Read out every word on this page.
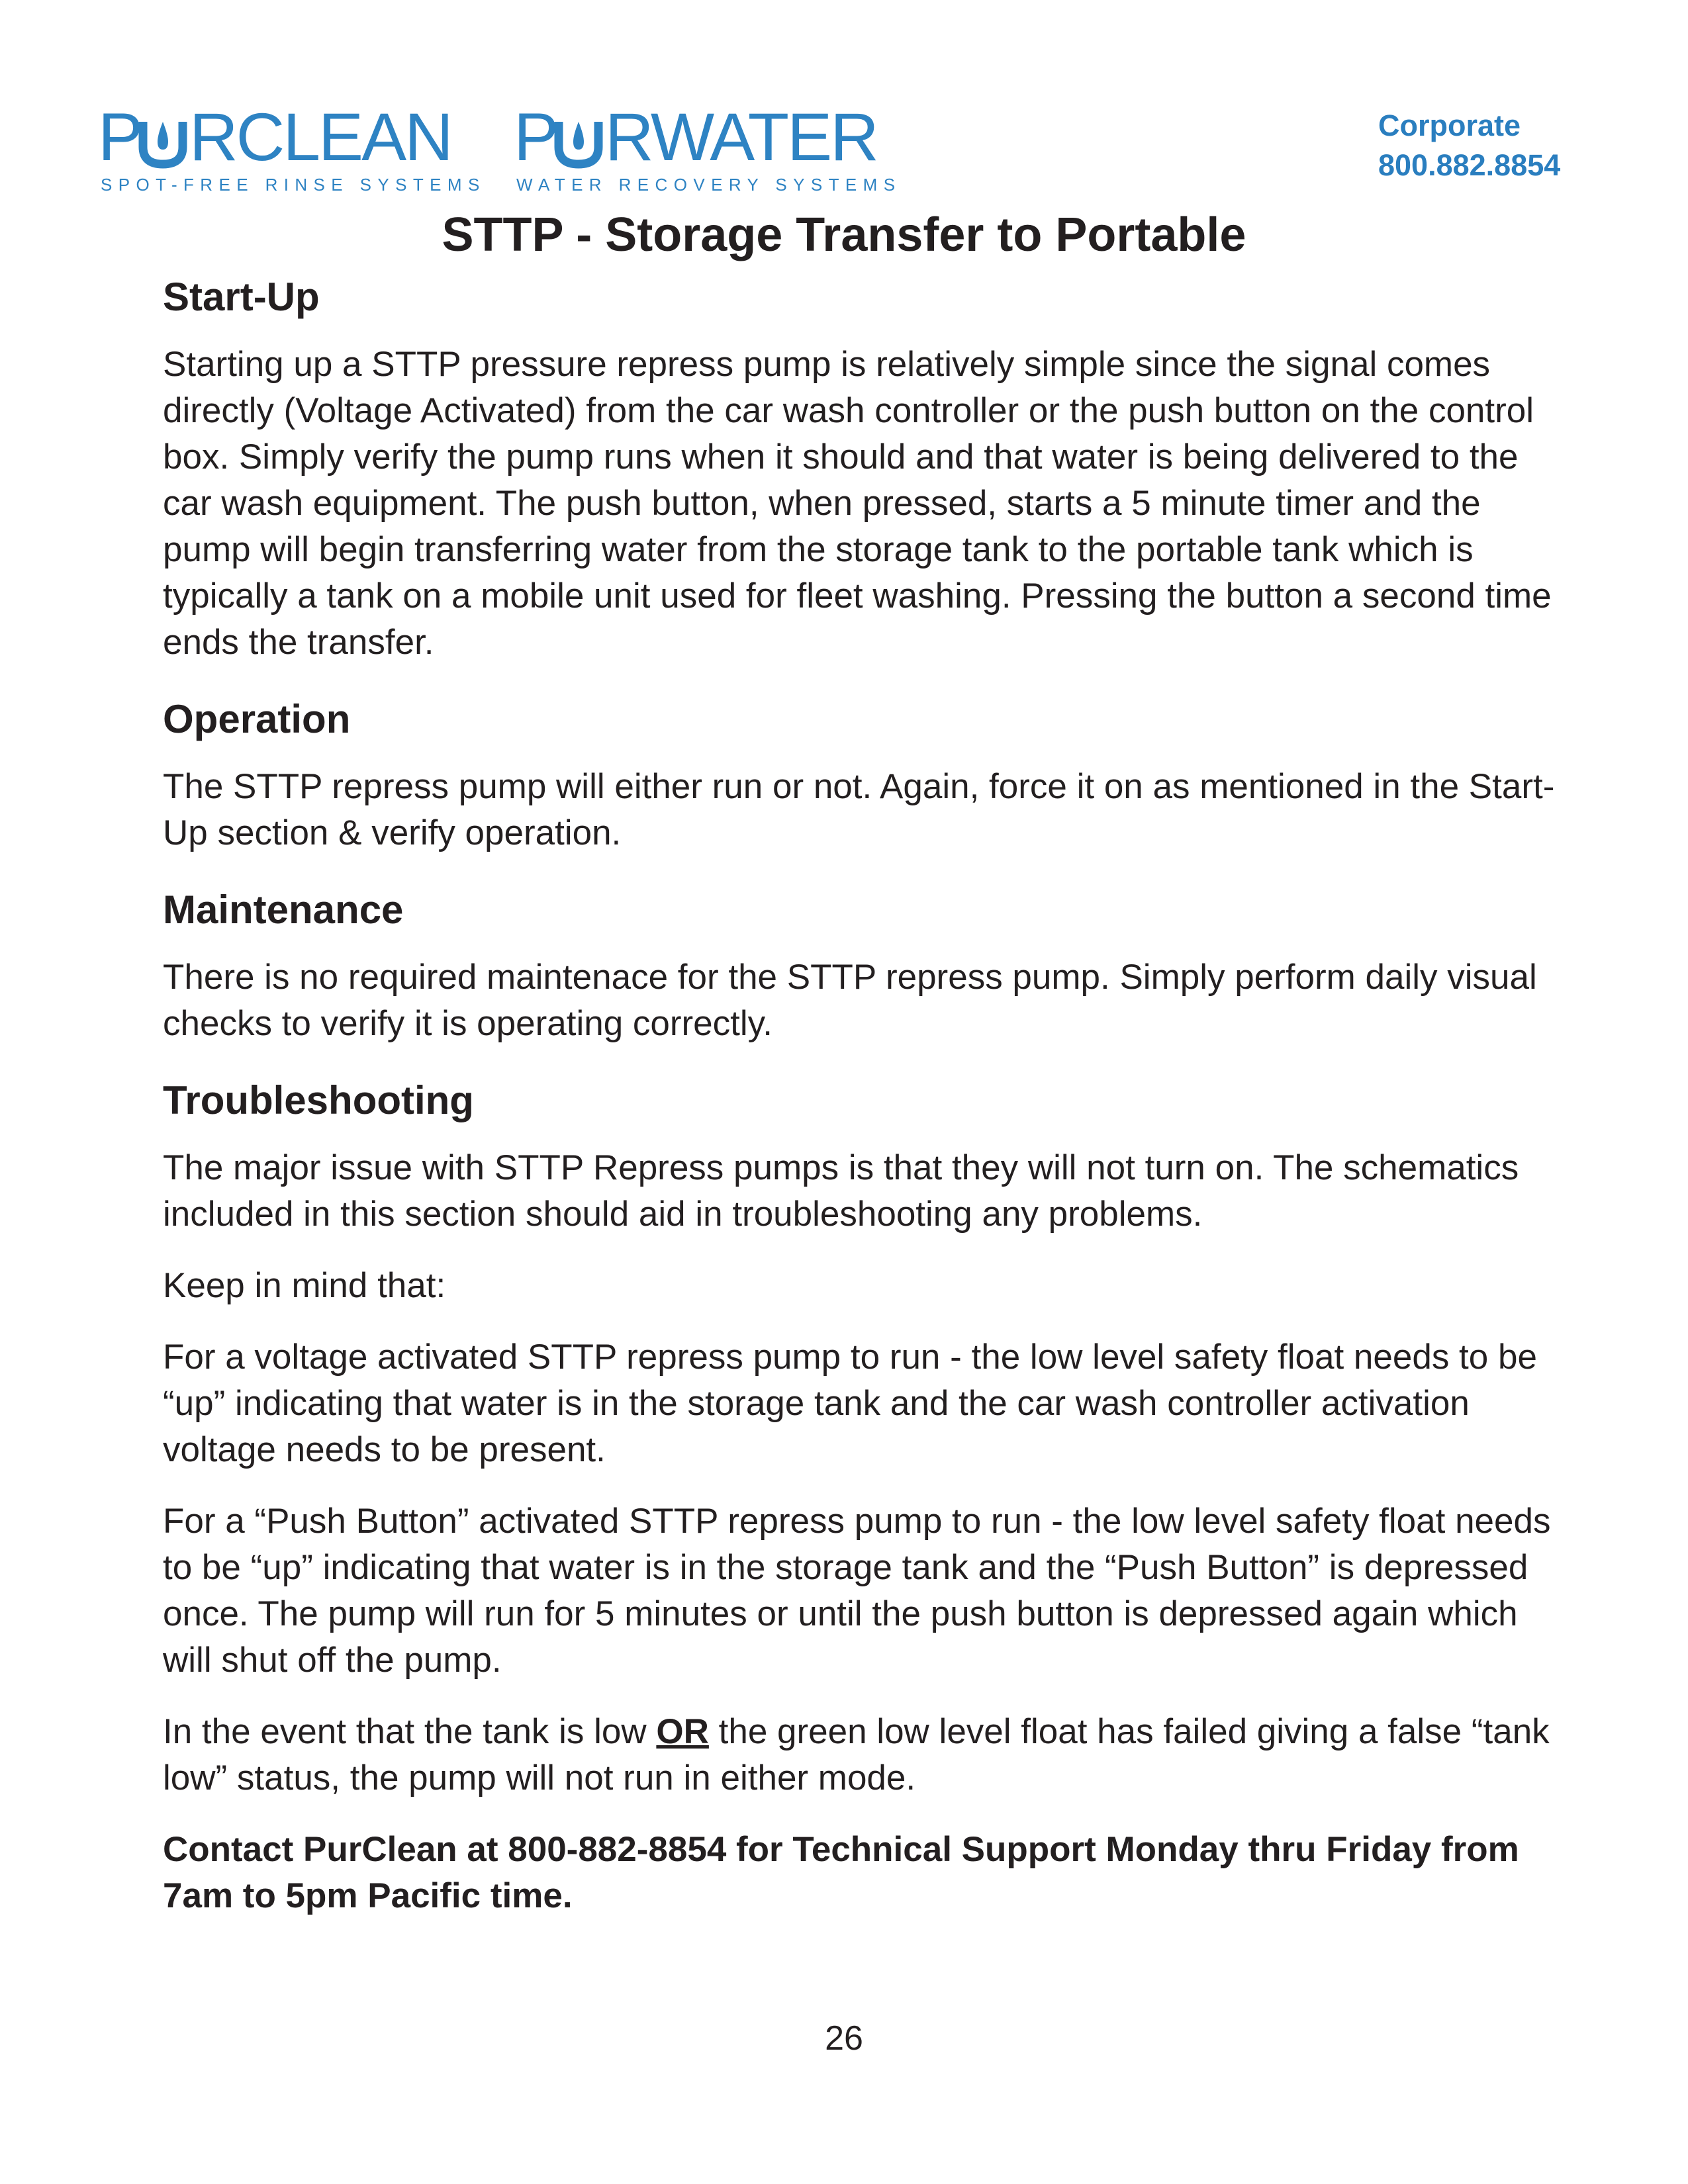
P RCLEAN
SPOT-FREE RINSE SYSTEMS
P RWATER
WATER RECOVERY SYSTEMS
Corporate
800.882.8854
STTP - Storage Transfer to Portable
Start-Up

Starting up a STTP pressure repress pump is relatively simple since the signal comes directly (Voltage Activated) from the car wash controller or the push button on the control box. Simply verify the pump runs when it should and that water is being delivered to the car wash equipment. The push button, when pressed, starts a 5 minute timer and the pump will begin transferring water from the storage tank to the portable tank which is typically a tank on a mobile unit used for fleet washing. Pressing the button a second time ends the transfer.

Operation

The STTP repress pump will either run or not. Again, force it on as mentioned in the Start-Up section & verify operation.

Maintenance

There is no required maintenace for the STTP repress pump. Simply perform daily visual checks to verify it is operating correctly.

Troubleshooting

The major issue with STTP Repress pumps is that they will not turn on. The schematics included in this section should aid in troubleshooting any problems.

Keep in mind that:

For a voltage activated STTP repress pump to run - the low level safety float needs to be “up” indicating that water is in the storage tank and the car wash controller activation voltage needs to be present.

For a “Push Button” activated STTP repress pump to run - the low level safety float needs to be “up” indicating that water is in the storage tank and the “Push Button” is depressed once. The pump will run for 5 minutes or until the push button is depressed again which will shut off the pump.

In the event that the tank is low OR the green low level float has failed giving a false “tank low” status, the pump will not run in either mode.

Contact PurClean at 800-882-8854 for Technical Support Monday thru Friday from 7am to 5pm Pacific time.

26
